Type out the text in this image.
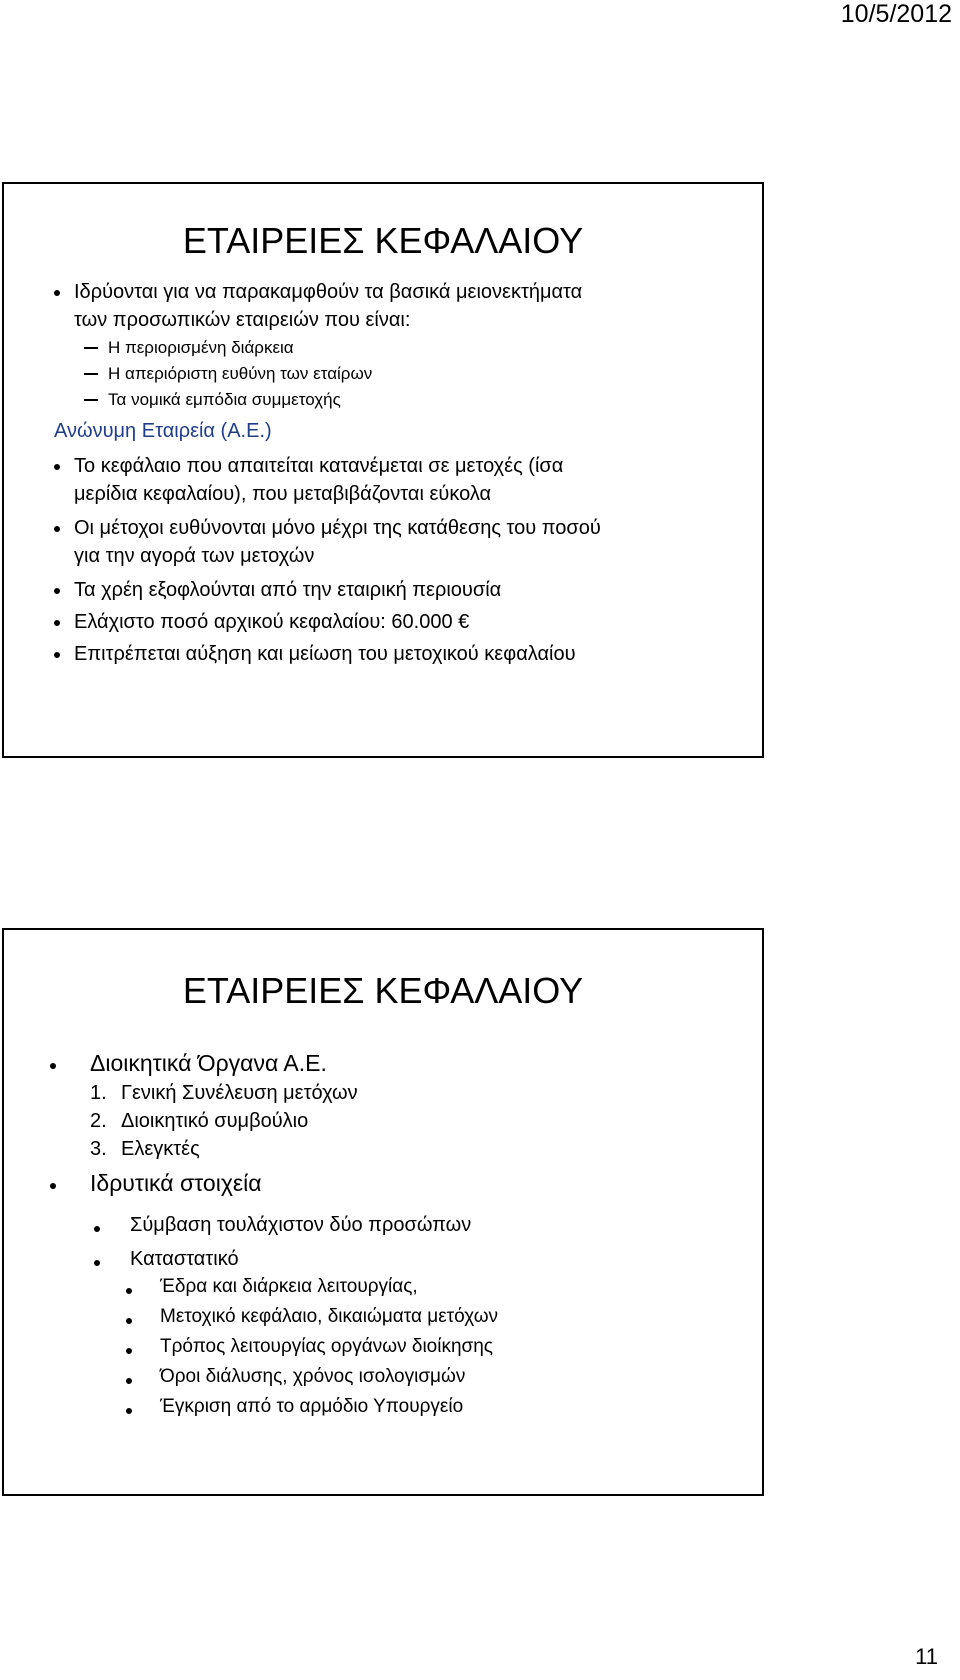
10/5/2012
ΕΤΑΙΡΕΙΕΣ ΚΕΦΑΛΑΙΟΥ
Ιδρύονται για να παρακαμφθούν τα βασικά μειονεκτήματα
των προσωπικών εταιρειών που είναι:
Η περιορισμένη διάρκεια
Η απεριόριστη ευθύνη των εταίρων
Τα νομικά εμπόδια συμμετοχής
Ανώνυμη Εταιρεία (Α.Ε.)
Το κεφάλαιο που απαιτείται κατανέμεται σε μετοχές (ίσα
μερίδια κεφαλαίου), που μεταβιβάζονται εύκολα
Οι μέτοχοι ευθύνονται μόνο μέχρι της κατάθεσης του ποσού
για την αγορά των μετοχών
Τα χρέη εξοφλούνται από την εταιρική περιουσία
Ελάχιστο ποσό αρχικού κεφαλαίου: 60.000 €
Επιτρέπεται αύξηση και μείωση του μετοχικού κεφαλαίου
ΕΤΑΙΡΕΙΕΣ ΚΕΦΑΛΑΙΟΥ
Διοικητικά Όργανα Α.Ε.
1. Γενική Συνέλευση μετόχων
2. Διοικητικό συμβούλιο
3. Ελεγκτές
Ιδρυτικά στοιχεία
Σύμβαση τουλάχιστον δύο προσώπων
Καταστατικό
Έδρα και διάρκεια λειτουργίας,
Μετοχικό κεφάλαιο, δικαιώματα μετόχων
Τρόπος λειτουργίας οργάνων διοίκησης
Όροι διάλυσης, χρόνος ισολογισμών
Έγκριση από το αρμόδιο Υπουργείο
11
